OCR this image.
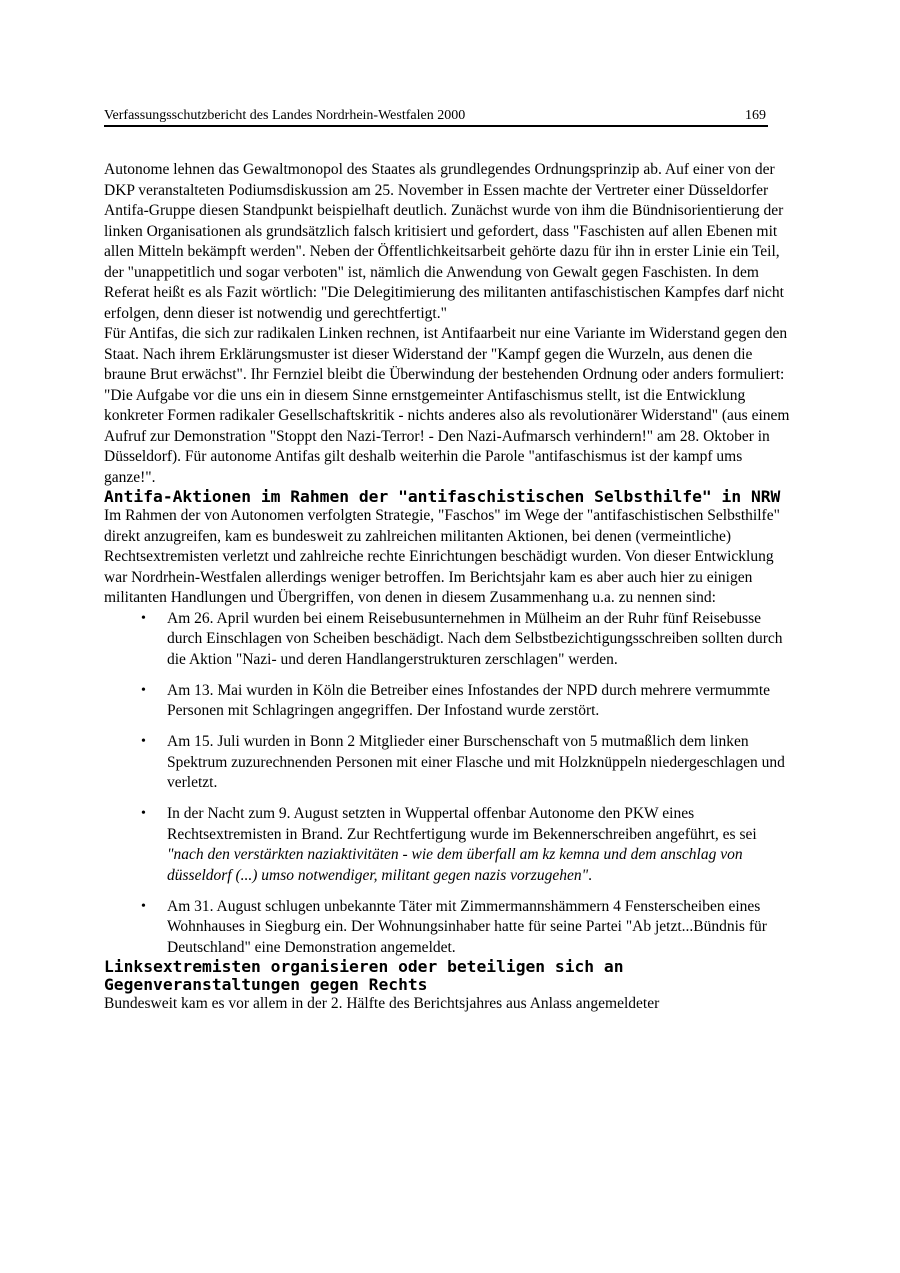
Verfassungsschutzbericht des Landes Nordrhein-Westfalen 2000	169

Autonome lehnen das Gewaltmonopol des Staates als grundlegendes Ordnungsprinzip ab. Auf einer von der DKP veranstalteten Podiumsdiskussion am 25. November in Essen machte der Vertreter einer Düsseldorfer Antifa-Gruppe diesen Standpunkt beispielhaft deutlich. Zunächst wurde von ihm die Bündnisorientierung der linken Organisationen als grundsätzlich falsch kritisiert und gefordert, dass "Faschisten auf allen Ebenen mit allen Mitteln bekämpft werden". Neben der Öffentlichkeitsarbeit gehörte dazu für ihn in erster Linie ein Teil, der "unappetitlich und sogar verboten" ist, nämlich die Anwendung von Gewalt gegen Faschisten. In dem Referat heißt es als Fazit wörtlich: "Die Delegitimierung des militanten antifaschistischen Kampfes darf nicht erfolgen, denn dieser ist notwendig und gerechtfertigt."

Für Antifas, die sich zur radikalen Linken rechnen, ist Antifaarbeit nur eine Variante im Widerstand gegen den Staat. Nach ihrem Erklärungsmuster ist dieser Widerstand der "Kampf gegen die Wurzeln, aus denen die braune Brut erwächst". Ihr Fernziel bleibt die Überwindung der bestehenden Ordnung oder anders formuliert: "Die Aufgabe vor die uns ein in diesem Sinne ernstgemeinter Antifaschismus stellt, ist die Entwicklung konkreter Formen radikaler Gesellschaftskritik - nichts anderes also als revolutionärer Widerstand" (aus einem Aufruf zur Demonstration "Stoppt den Nazi-Terror! - Den Nazi-Aufmarsch verhindern!" am 28. Oktober in Düsseldorf). Für autonome Antifas gilt deshalb weiterhin die Parole "antifaschismus ist der kampf ums ganze!".

Antifa-Aktionen im Rahmen der "antifaschistischen Selbsthilfe" in NRW

Im Rahmen der von Autonomen verfolgten Strategie, "Faschos" im Wege der "antifaschistischen Selbsthilfe" direkt anzugreifen, kam es bundesweit zu zahlreichen militanten Aktionen, bei denen (vermeintliche) Rechtsextremisten verletzt und zahlreiche rechte Einrichtungen beschädigt wurden. Von dieser Entwicklung war Nordrhein-Westfalen allerdings weniger betroffen. Im Berichtsjahr kam es aber auch hier zu einigen militanten Handlungen und Übergriffen, von denen in diesem Zusammenhang u.a. zu nennen sind:

• Am 26. April wurden bei einem Reisebusunternehmen in Mülheim an der Ruhr fünf Reisebusse durch Einschlagen von Scheiben beschädigt. Nach dem Selbstbezichtigungsschreiben sollten durch die Aktion "Nazi- und deren Handlangerstrukturen zerschlagen" werden.
• Am 13. Mai wurden in Köln die Betreiber eines Infostandes der NPD durch mehrere vermummte Personen mit Schlagringen angegriffen. Der Infostand wurde zerstört.
• Am 15. Juli wurden in Bonn 2 Mitglieder einer Burschenschaft von 5 mutmaßlich dem linken Spektrum zuzurechnenden Personen mit einer Flasche und mit Holzknüppeln niedergeschlagen und verletzt.
• In der Nacht zum 9. August setzten in Wuppertal offenbar Autonome den PKW eines Rechtsextremisten in Brand. Zur Rechtfertigung wurde im Bekennerschreiben angeführt, es sei "nach den verstärkten naziaktivitäten - wie dem überfall am kz kemna und dem anschlag von düsseldorf (...) umso notwendiger, militant gegen nazis vorzugehen".
• Am 31. August schlugen unbekannte Täter mit Zimmermannshämmern 4 Fensterscheiben eines Wohnhauses in Siegburg ein. Der Wohnungsinhaber hatte für seine Partei "Ab jetzt...Bündnis für Deutschland" eine Demonstration angemeldet.
Linksextremisten organisieren oder beteiligen sich an Gegenveranstaltungen gegen Rechts

Bundesweit kam es vor allem in der 2. Hälfte des Berichtsjahres aus Anlass angemeldeter
